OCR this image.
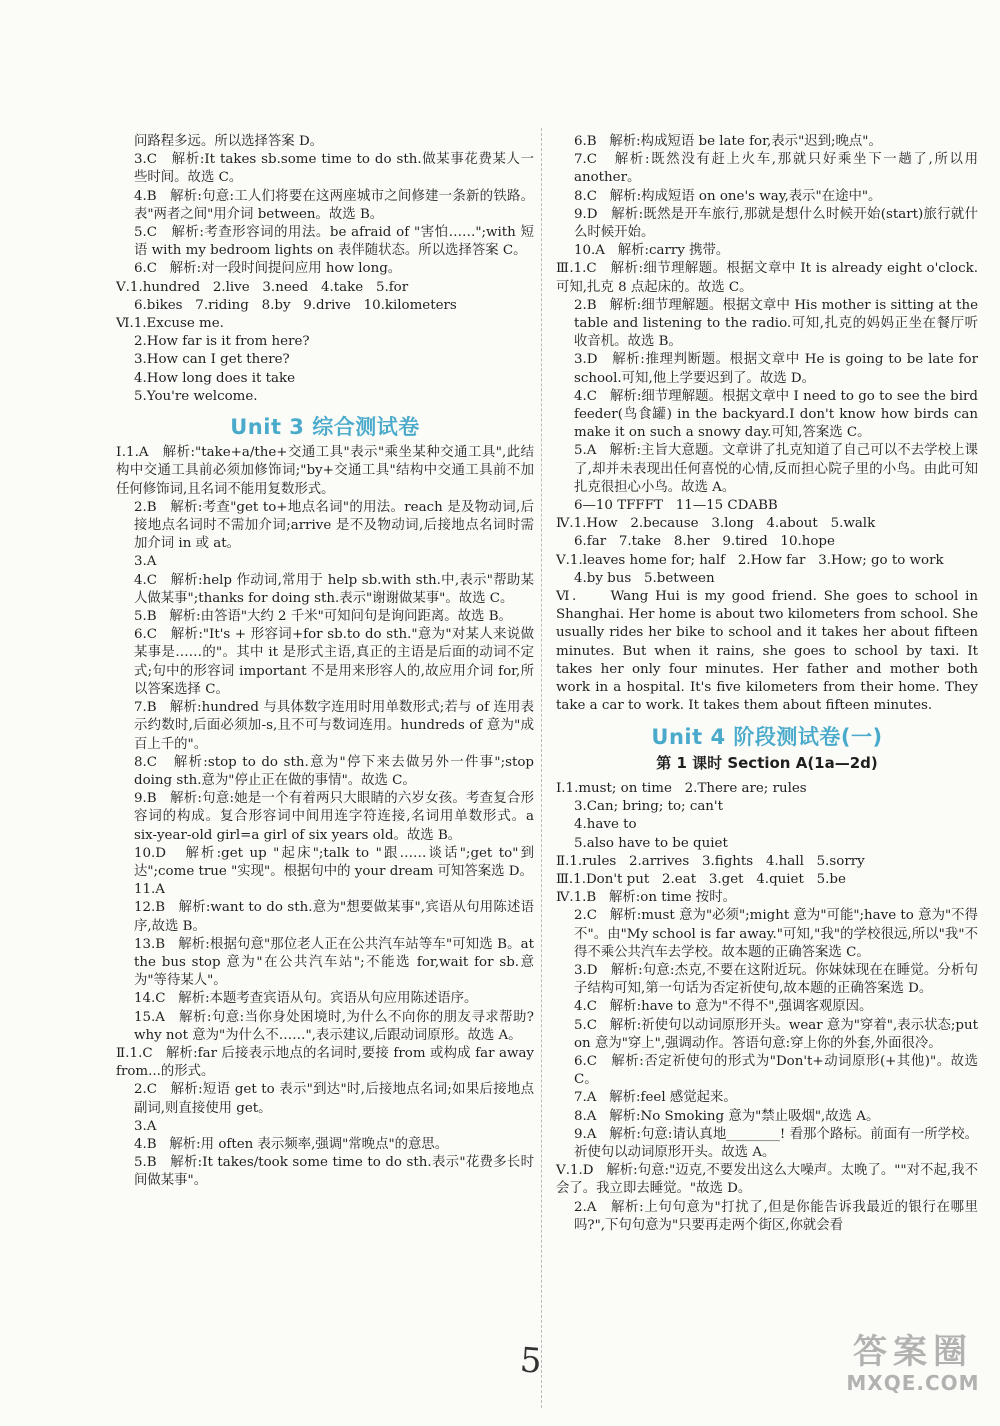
问路程多远。所以选择答案 D。
3.C   解析:It takes sb.some time to do sth.做某事花费某人一些时间。故选 C。
4.B   解析:句意:工人们将要在这两座城市之间修建一条新的铁路。表"两者之间"用介词 between。故选 B。
5.C   解析:考查形容词的用法。be afraid of "害怕……";with 短语 with my bedroom lights on 表伴随状态。所以选择答案 C。
6.C   解析:对一段时间提问应用 how long。
Ⅴ.1.hundred   2.live   3.need   4.take   5.for
6.bikes   7.riding   8.by   9.drive   10.kilometers
Ⅵ.1.Excuse me.
2.How far is it from here?
3.How can I get there?
4.How long does it take
5.You're welcome.
Unit 3 综合测试卷
Ⅰ.1.A   解析:"take+a/the+交通工具"表示"乘坐某种交通工具",此结构中交通工具前必须加修饰词;"by+交通工具"结构中交通工具前不加任何修饰词,且名词不能用复数形式。
2.B   解析:考查"get to+地点名词"的用法。reach 是及物动词,后接地点名词时不需加介词;arrive 是不及物动词,后接地点名词时需加介词 in 或 at。
3.A
4.C   解析:help 作动词,常用于 help sb.with sth.中,表示"帮助某人做某事";thanks for doing sth.表示"谢谢做某事"。故选 C。
5.B   解析:由答语"大约 2 千米"可知问句是询问距离。故选 B。
6.C   解析:"It's + 形容词+for sb.to do sth."意为"对某人来说做某事是……的"。其中 it 是形式主语,真正的主语是后面的动词不定式;句中的形容词 important 不是用来形容人的,故应用介词 for,所以答案选择 C。
7.B   解析:hundred 与具体数字连用时用单数形式;若与 of 连用表示约数时,后面必须加-s,且不可与数词连用。hundreds of 意为"成百上千的"。
8.C   解析:stop to do sth.意为"停下来去做另外一件事";stop doing sth.意为"停止正在做的事情"。故选 C。
9.B   解析:句意:她是一个有着两只大眼睛的六岁女孩。考查复合形容词的构成。复合形容词中间用连字符连接,名词用单数形式。a six-year-old girl=a girl of six years old。故选 B。
10.D   解析:get up "起床";talk to "跟……谈话";get to"到达";come true "实现"。根据句中的 your dream 可知答案选 D。
11.A
12.B   解析:want to do sth.意为"想要做某事",宾语从句用陈述语序,故选 B。
13.B   解析:根据句意"那位老人正在公共汽车站等车"可知选 B。at the bus stop 意为"在公共汽车站";不能选 for,wait for sb.意为"等待某人"。
14.C   解析:本题考查宾语从句。宾语从句应用陈述语序。
15.A   解析:句意:当你身处困境时,为什么不向你的朋友寻求帮助? why not 意为"为什么不……",表示建议,后跟动词原形。故选 A。
Ⅱ.1.C   解析:far 后接表示地点的名词时,要接 from 或构成 far away from...的形式。
2.C   解析:短语 get to 表示"到达"时,后接地点名词;如果后接地点副词,则直接使用 get。
3.A
4.B   解析:用 often 表示频率,强调"常晚点"的意思。
5.B   解析:It takes/took some time to do sth.表示"花费多长时间做某事"。
6.B   解析:构成短语 be late for,表示"迟到;晚点"。
7.C   解析:既然没有赶上火车,那就只好乘坐下一趟了,所以用 another。
8.C   解析:构成短语 on one's way,表示"在途中"。
9.D   解析:既然是开车旅行,那就是想什么时候开始(start)旅行就什么时候开始。
10.A   解析:carry 携带。
Ⅲ.1.C   解析:细节理解题。根据文章中 It is already eight o'clock.可知,扎克 8 点起床的。故选 C。
2.B   解析:细节理解题。根据文章中 His mother is sitting at the table and listening to the radio.可知,扎克的妈妈正坐在餐厅听收音机。故选 B。
3.D   解析:推理判断题。根据文章中 He is going to be late for school.可知,他上学要迟到了。故选 D。
4.C   解析:细节理解题。根据文章中 I need to go to see the bird feeder(鸟食罐) in the backyard.I don't know how birds can make it on such a snowy day.可知,答案选 C。
5.A   解析:主旨大意题。文章讲了扎克知道了自己可以不去学校上课了,却并未表现出任何喜悦的心情,反而担心院子里的小鸟。由此可知扎克很担心小鸟。故选 A。
6—10 TFFFT   11—15 CDABB
Ⅳ.1.How   2.because   3.long   4.about   5.walk
6.far   7.take   8.her   9.tired   10.hope
Ⅴ.1.leaves home for; half   2.How far   3.How; go to work
4.by bus   5.between
Ⅵ.     Wang Hui is my good friend. She goes to school in Shanghai. Her home is about two kilometers from school. She usually rides her bike to school and it takes her about fifteen minutes. But when it rains, she goes to school by taxi. It takes her only four minutes. Her father and mother both work in a hospital. It's five kilometers from their home. They take a car to work. It takes them about fifteen minutes.
Unit 4 阶段测试卷(一)
第 1 课时 Section A(1a—2d)
Ⅰ.1.must; on time   2.There are; rules
3.Can; bring; to; can't
4.have to
5.also have to be quiet
Ⅱ.1.rules   2.arrives   3.fights   4.hall   5.sorry
Ⅲ.1.Don't put   2.eat   3.get   4.quiet   5.be
Ⅳ.1.B   解析:on time 按时。
2.C   解析:must 意为"必须";might 意为"可能";have to 意为"不得不"。由"My school is far away."可知,"我"的学校很远,所以"我"不得不乘公共汽车去学校。故本题的正确答案选 C。
3.D   解析:句意:杰克,不要在这附近玩。你妹妹现在在睡觉。分析句子结构可知,第一句话为否定祈使句,故本题的正确答案选 D。
4.C   解析:have to 意为"不得不",强调客观原因。
5.C   解析:祈使句以动词原形开头。wear 意为"穿着",表示状态;put on 意为"穿上",强调动作。答语句意:穿上你的外套,外面很冷。
6.C   解析:否定祈使句的形式为"Don't+动词原形(+其他)"。故选 C。
7.A   解析:feel 感觉起来。
8.A   解析:No Smoking 意为"禁止吸烟",故选 A。
9.A   解析:句意:请认真地________! 看那个路标。前面有一所学校。祈使句以动词原形开头。故选 A。
Ⅴ.1.D   解析:句意:"迈克,不要发出这么大噪声。太晚了。""对不起,我不会了。我立即去睡觉。"故选 D。
2.A   解析:上句句意为"打扰了,但是你能告诉我最近的银行在哪里吗?",下句句意为"只要再走两个街区,你就会看
5	答案圈
MXQE.COM
